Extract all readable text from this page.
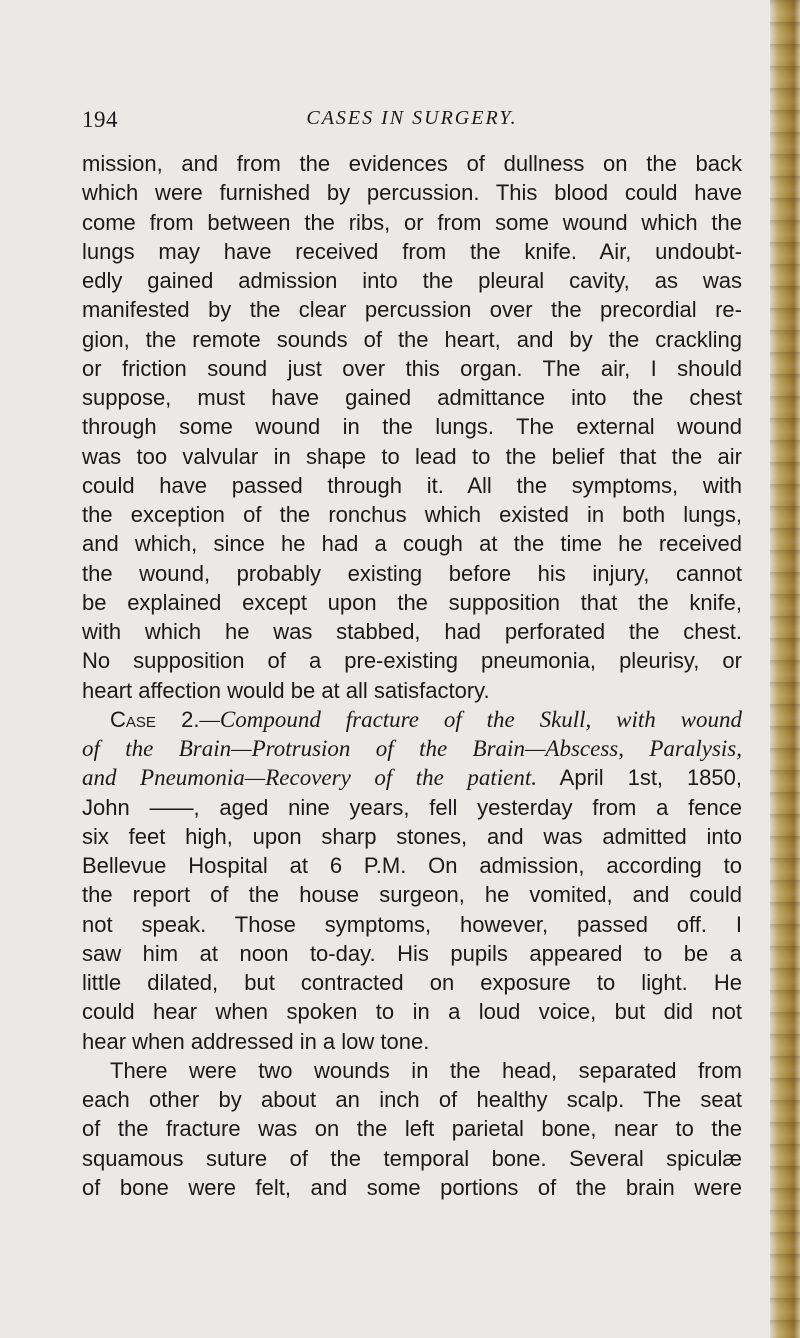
194	CASES IN SURGERY.
mission, and from the evidences of dullness on the back
which were furnished by percussion. This blood could have
come from between the ribs, or from some wound which the
lungs may have received from the knife. Air, undoubt-
edly gained admission into the pleural cavity, as was
manifested by the clear percussion over the precordial re-
gion, the remote sounds of the heart, and by the crackling
or friction sound just over this organ. The air, I should
suppose, must have gained admittance into the chest
through some wound in the lungs. The external wound
was too valvular in shape to lead to the belief that the air
could have passed through it. All the symptoms, with
the exception of the ronchus which existed in both lungs,
and which, since he had a cough at the time he received
the wound, probably existing before his injury, cannot
be explained except upon the supposition that the knife,
with which he was stabbed, had perforated the chest.
No supposition of a pre-existing pneumonia, pleurisy, or
heart affection would be at all satisfactory.
Case 2.—Compound fracture of the Skull, with wound
of the Brain—Protrusion of the Brain—Abscess, Paralysis,
and Pneumonia—Recovery of the patient. April 1st, 1850,
John ——, aged nine years, fell yesterday from a fence
six feet high, upon sharp stones, and was admitted into
Bellevue Hospital at 6 P.M. On admission, according to
the report of the house surgeon, he vomited, and could
not speak. Those symptoms, however, passed off. I
saw him at noon to-day. His pupils appeared to be a
little dilated, but contracted on exposure to light. He
could hear when spoken to in a loud voice, but did not
hear when addressed in a low tone.
There were two wounds in the head, separated from
each other by about an inch of healthy scalp. The seat
of the fracture was on the left parietal bone, near to the
squamous suture of the temporal bone. Several spiculæ
of bone were felt, and some portions of the brain were
